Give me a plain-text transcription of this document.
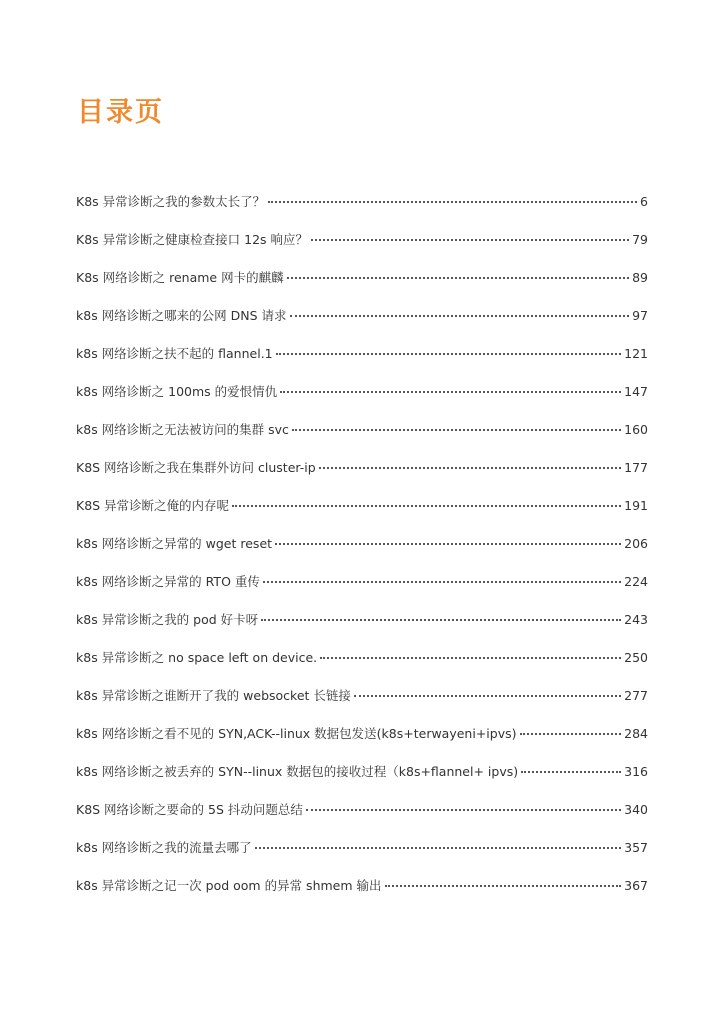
目录页
K8s 异常诊断之我的参数太长了？	6
K8s 异常诊断之健康检查接口 12s 响应？	79
K8s 网络诊断之 rename 网卡的麒麟	89
k8s 网络诊断之哪来的公网 DNS 请求	97
k8s 网络诊断之扶不起的 flannel.1	121
k8s 网络诊断之 100ms 的爱恨情仇	147
k8s 网络诊断之无法被访问的集群 svc	160
K8S 网络诊断之我在集群外访问 cluster-ip	177
K8S 异常诊断之俺的内存呢	191
k8s 网络诊断之异常的 wget reset	206
k8s 网络诊断之异常的 RTO 重传	224
k8s 异常诊断之我的 pod 好卡呀	243
k8s 异常诊断之 no space left on device.	250
k8s 异常诊断之谁断开了我的 websocket 长链接	277
k8s 网络诊断之看不见的 SYN,ACK--linux 数据包发送(k8s+terwayeni+ipvs)	284
k8s 网络诊断之被丢弃的 SYN--linux 数据包的接收过程（k8s+flannel+ ipvs)	316
K8S 网络诊断之要命的 5S 抖动问题总结	340
k8s 网络诊断之我的流量去哪了	357
k8s 异常诊断之记一次 pod oom 的异常 shmem 输出	367
